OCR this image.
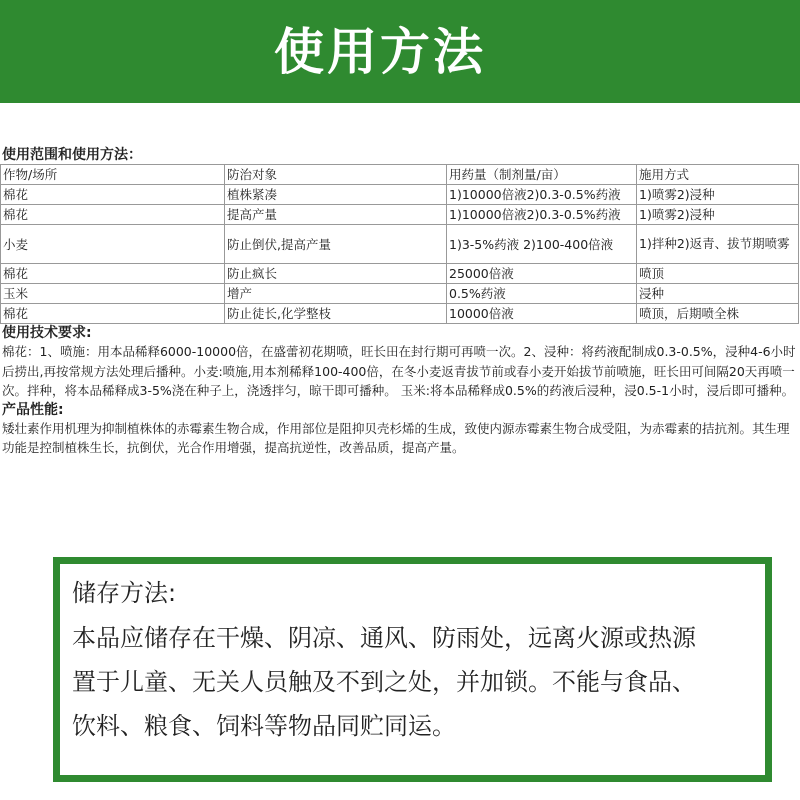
使用方法
使用范围和使用方法：
作物/场所	防治对象	用药量（制剂量/亩）	施用方式
棉花	植株紧凑	1)10000倍液2)0.3-0.5%药液	1)喷雾2)浸种
棉花	提高产量	1)10000倍液2)0.3-0.5%药液	1)喷雾2)浸种
小麦	防止倒伏,提高产量	1)3-5%药液 2)100-400倍液	1)拌种2)返青、拔节期喷雾
棉花	防止疯长	25000倍液	喷顶
玉米	增产	0.5%药液	浸种
棉花	防止徒长,化学整枝	10000倍液	喷顶，后期喷全株
使用技术要求:

棉花：1、喷施：用本品稀释6000-10000倍，在盛蕾初花期喷，旺长田在封行期可再喷一次。2、浸种：将药液配制成0.3-0.5%，浸种4-6小时后捞出,再按常规方法处理后播种。小麦:喷施,用本剂稀释100-400倍，在冬小麦返青拔节前或春小麦开始拔节前喷施，旺长田可间隔20天再喷一次。拌种，将本品稀释成3-5%浇在种子上，浇透拌匀，晾干即可播种。 玉米:将本品稀释成0.5%的药液后浸种，浸0.5-1小时，浸后即可播种。

产品性能:

矮壮素作用机理为抑制植株体的赤霉素生物合成，作用部位是阻抑贝壳杉烯的生成，致使内源赤霉素生物合成受阻，为赤霉素的拮抗剂。其生理功能是控制植株生长，抗倒伏，光合作用增强，提高抗逆性，改善品质，提高产量。

储存方法:
本品应储存在干燥、阴凉、通风、防雨处，远离火源或热源
置于儿童、无关人员触及不到之处，并加锁。不能与食品、
饮料、粮食、饲料等物品同贮同运。
